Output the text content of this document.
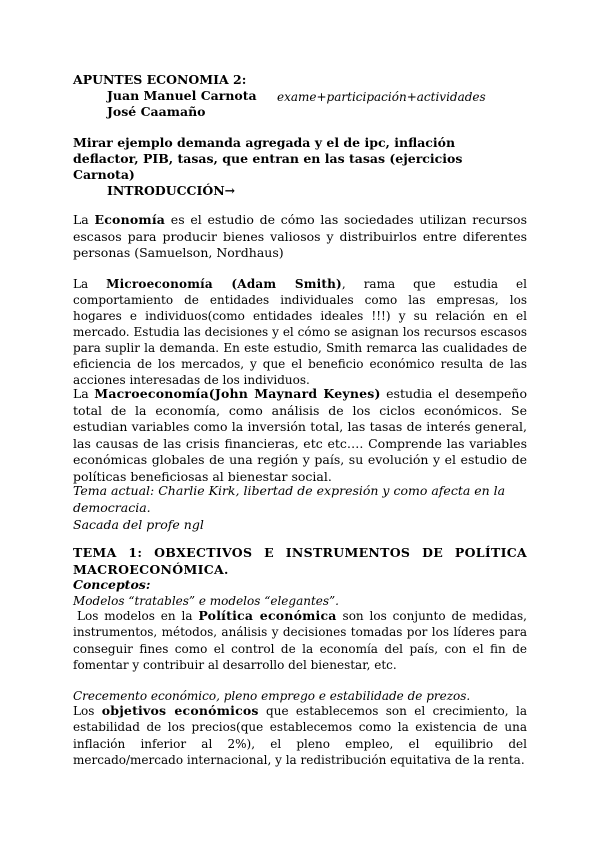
APUNTES ECONOMIA 2:
Juan Manuel Carnota exame+participación+actividades
José Caamaño
Mirar ejemplo demanda agregada y el de ipc, inflación
deflactor, PIB, tasas, que entran en las tasas (ejercicios Carnota)
INTRODUCCIÓN→

La Economía es el estudio de cómo las sociedades utilizan recursos escasos para producir bienes valiosos y distribuirlos entre diferentes personas (Samuelson, Nordhaus)

La Microeconomía (Adam Smith), rama que estudia el comportamiento de entidades individuales como las empresas, los hogares e individuos(como entidades ideales !!!) y su relación en el mercado. Estudia las decisiones y el cómo se asignan los recursos escasos para suplir la demanda. En este estudio, Smith remarca las cualidades de eficiencia de los mercados, y que el beneficio económico resulta de las acciones interesadas de los individuos.

La Macroeconomía(John Maynard Keynes) estudia el desempeño total de la economía, como análisis de los ciclos económicos. Se estudian variables como la inversión total, las tasas de interés general, las causas de las crisis financieras, etc etc…. Comprende las variables económicas globales de una región y país, su evolución y el estudio de políticas beneficiosas al bienestar social.

Tema actual: Charlie Kirk, libertad de expresión y como afecta en la democracia.
Sacada del profe ngl
TEMA 1: OBXECTIVOS E INSTRUMENTOS DE POLÍTICA MACROECONÓMICA.
Conceptos:
Modelos “tratables” e modelos “elegantes”.

Los modelos en la Política económica son los conjunto de medidas, instrumentos, métodos, análisis y decisiones tomadas por los líderes para conseguir fines como el control de la economía del país, con el fin de fomentar y contribuir al desarrollo del bienestar, etc.

Crecemento económico, pleno emprego e estabilidade de prezos.

Los objetivos económicos que establecemos son el crecimiento, la estabilidad de los precios(que establecemos como la existencia de una inflación inferior al 2%), el pleno empleo, el equilibrio del mercado/mercado internacional, y la redistribución equitativa de la renta.
